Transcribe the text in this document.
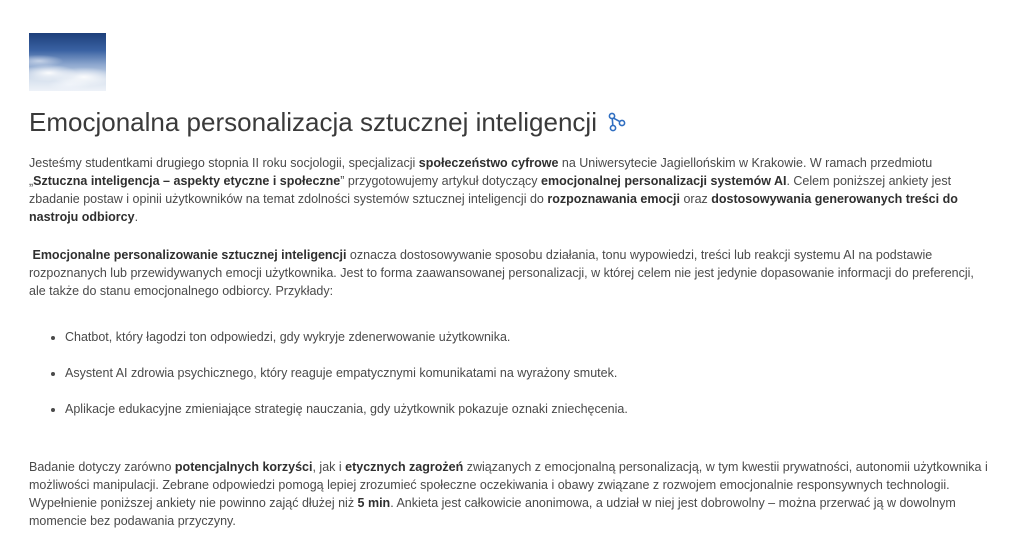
Emocjonalna personalizacja sztucznej inteligencji

Jesteśmy studentkami drugiego stopnia II roku socjologii, specjalizacji społeczeństwo cyfrowe na Uniwersytecie Jagiellońskim w Krakowie. W ramach przedmiotu „Sztuczna inteligencja – aspekty etyczne i społeczne” przygotowujemy artykuł dotyczący emocjonalnej personalizacji systemów AI. Celem poniższej ankiety jest zbadanie postaw i opinii użytkowników na temat zdolności systemów sztucznej inteligencji do rozpoznawania emocji oraz dostosowywania generowanych treści do nastroju odbiorcy.

Emocjonalne personalizowanie sztucznej inteligencji oznacza dostosowywanie sposobu działania, tonu wypowiedzi, treści lub reakcji systemu AI na podstawie rozpoznanych lub przewidywanych emocji użytkownika. Jest to forma zaawansowanej personalizacji, w której celem nie jest jedynie dopasowanie informacji do preferencji, ale także do stanu emocjonalnego odbiorcy. Przykłady:

• Chatbot, który łagodzi ton odpowiedzi, gdy wykryje zdenerwowanie użytkownika.
• Asystent AI zdrowia psychicznego, który reaguje empatycznymi komunikatami na wyrażony smutek.
• Aplikacje edukacyjne zmieniające strategię nauczania, gdy użytkownik pokazuje oznaki zniechęcenia.

Badanie dotyczy zarówno potencjalnych korzyści, jak i etycznych zagrożeń związanych z emocjonalną personalizacją, w tym kwestii prywatności, autonomii użytkownika i możliwości manipulacji. Zebrane odpowiedzi pomogą lepiej zrozumieć społeczne oczekiwania i obawy związane z rozwojem emocjonalnie responsywnych technologii.
Wypełnienie poniższej ankiety nie powinno zająć dłużej niż 5 min. Ankieta jest całkowicie anonimowa, a udział w niej jest dobrowolny – można przerwać ją w dowolnym momencie bez podawania przyczyny.
